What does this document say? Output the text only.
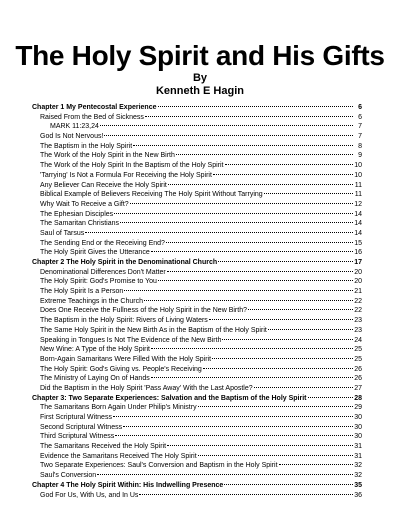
The Holy Spirit and His Gifts
By
Kenneth E Hagin
Chapter 1 My Pentecostal Experience	6
Raised From the Bed of Sickness	6
MARK 11:23,24	7
God Is Not Nervous!	7
The Baptism in the Holy Spirit	8
The Work of the Holy Spirit in the New Birth	9
The Work of the Holy Spirit In the Baptism of the Holy Spirit	10
'Tarrying' Is Not a Formula For Receiving the Holy Spirit	10
Any Believer Can Receive the Holy Spirit	11
Biblical Example of Believers Receiving The Holy Spirit Without Tarrying	11
Why Wait To Receive a Gift?	12
The Ephesian Disciples	14
The Samaritan Christians	14
Saul of Tarsus	14
The Sending End or the Receiving End?	15
The Holy Spirit Gives the Utterance	16
Chapter 2 The Holy Spirit in the Denominational Church	17
Denominational Differences Don't Matter	20
The Holy Spirit: God's Promise to You	20
The Holy Spirit Is a Person	21
Extreme Teachings in the Church	22
Does One Receive the Fullness of the Holy Spirit in the New Birth?	22
The Baptism in the Holy Spirit: Rivers of Living Waters	23
The Same Holy Spirit in the New Birth As in the Baptism of the Holy Spirit	23
Speaking in Tongues Is Not The Evidence of the New Birth	24
New Wine: A Type of the Holy Spirit	25
Born-Again Samaritans Were Filled With the Holy Spirit	25
The Holy Spirit: God's Giving vs. People's Receiving	26
The Ministry of Laying On of Hands	26
Did the Baptism in the Holy Spirit 'Pass Away' With the Last Apostle?	27
Chapter 3: Two Separate Experiences: Salvation and the Baptism of the Holy Spirit	28
The Samaritans Born Again Under Philip's Ministry	29
First Scriptural Witness	30
Second Scriptural Witness	30
Third Scriptural Witness	30
The Samaritans Received the Holy Spirit	31
Evidence the Samaritans Received The Holy Spirit	31
Two Separate Experiences: Saul's Conversion and Baptism in the Holy Spirit	32
Saul's Conversion	32
Chapter 4 The Holy Spirit Within: His Indwelling Presence	35
God For Us, With Us, and In Us	36
